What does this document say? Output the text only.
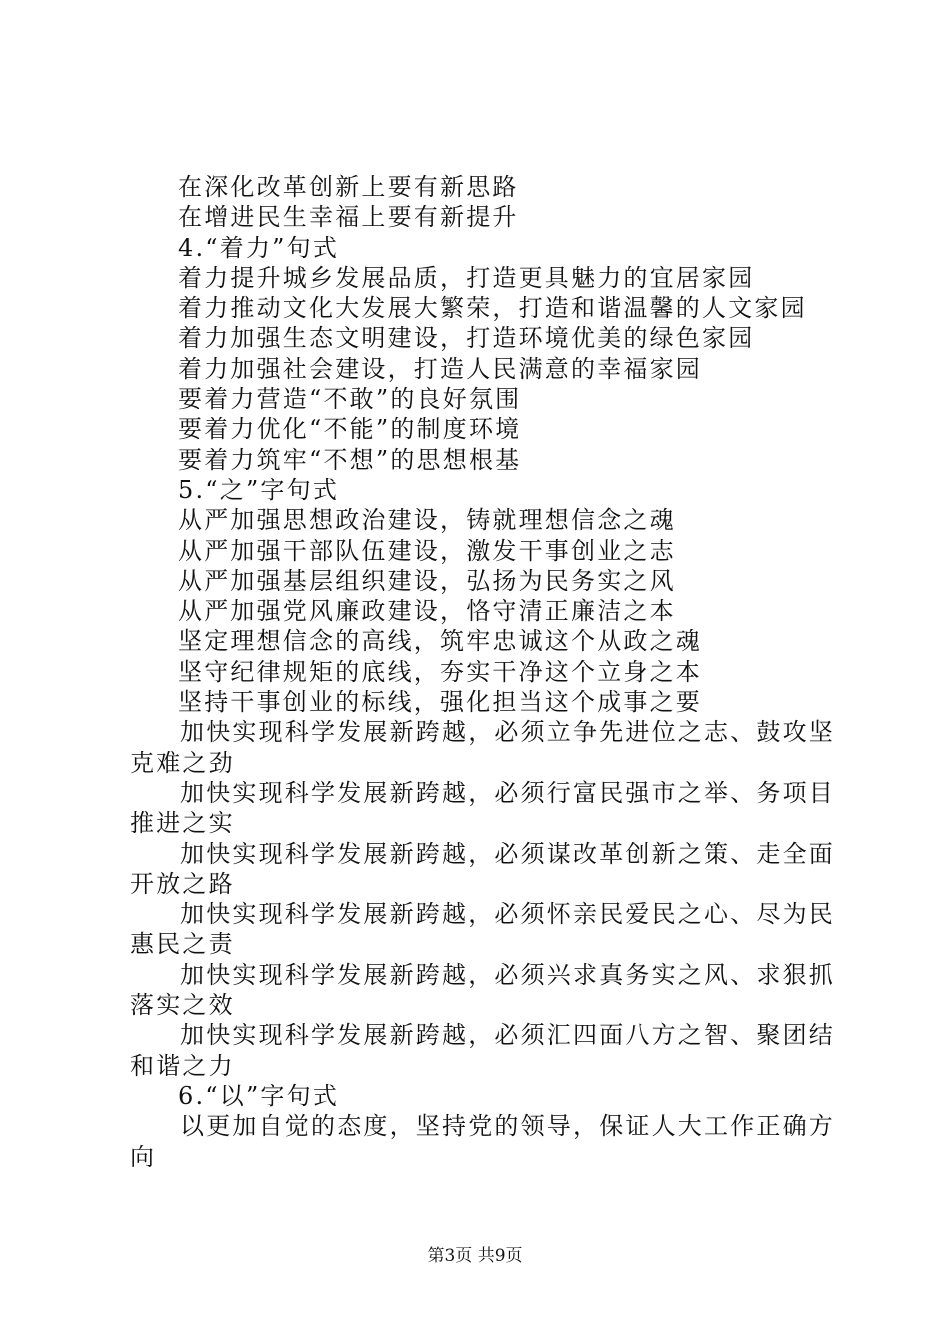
在深化改革创新上要有新思路
在增进民生幸福上要有新提升
4.“着力”句式
着力提升城乡发展品质，打造更具魅力的宜居家园
着力推动文化大发展大繁荣，打造和谐温馨的人文家园
着力加强生态文明建设，打造环境优美的绿色家园
着力加强社会建设，打造人民满意的幸福家园
要着力营造“不敢”的良好氛围
要着力优化“不能”的制度环境
要着力筑牢“不想”的思想根基
5.“之”字句式
从严加强思想政治建设，铸就理想信念之魂
从严加强干部队伍建设，激发干事创业之志
从严加强基层组织建设，弘扬为民务实之风
从严加强党风廉政建设，恪守清正廉洁之本
坚定理想信念的高线，筑牢忠诚这个从政之魂
坚守纪律规矩的底线，夯实干净这个立身之本
坚持干事创业的标线，强化担当这个成事之要
加快实现科学发展新跨越，必须立争先进位之志、鼓攻坚克难之劲
加快实现科学发展新跨越，必须行富民强市之举、务项目推进之实
加快实现科学发展新跨越，必须谋改革创新之策、走全面开放之路
加快实现科学发展新跨越，必须怀亲民爱民之心、尽为民惠民之责
加快实现科学发展新跨越，必须兴求真务实之风、求狠抓落实之效
加快实现科学发展新跨越，必须汇四面八方之智、聚团结和谐之力
6.“以”字句式
以更加自觉的态度，坚持党的领导，保证人大工作正确方向
第3页 共9页
